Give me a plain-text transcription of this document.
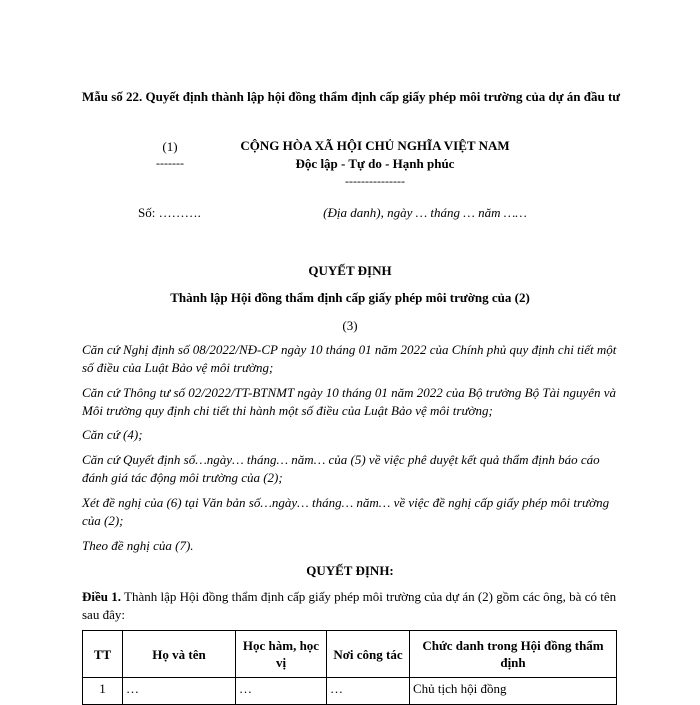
Mẫu số 22. Quyết định thành lập hội đồng thẩm định cấp giấy phép môi trường của dự án đầu tư
(1)
-------
CỘNG HÒA XÃ HỘI CHỦ NGHĨA VIỆT NAM
Độc lập - Tự do - Hạnh phúc
---------------
Số: ……….	(Địa danh), ngày … tháng … năm ……
QUYẾT ĐỊNH
Thành lập Hội đồng thẩm định cấp giấy phép môi trường của (2)
(3)
Căn cứ Nghị định số 08/2022/NĐ-CP ngày 10 tháng 01 năm 2022 của Chính phủ quy định chi tiết một số điều của Luật Bảo vệ môi trường;
Căn cứ Thông tư số 02/2022/TT-BTNMT ngày 10 tháng 01 năm 2022 của Bộ trưởng Bộ Tài nguyên và Môi trường quy định chi tiết thi hành một số điều của Luật Bảo vệ môi trường;
Căn cứ (4);
Căn cứ Quyết định số…ngày… tháng… năm… của (5) về việc phê duyệt kết quả thẩm định báo cáo đánh giá tác động môi trường của (2);
Xét đề nghị của (6) tại Văn bản số…ngày… tháng… năm… về việc đề nghị cấp giấy phép môi trường của (2);
Theo đề nghị của (7).
QUYẾT ĐỊNH:
Điều 1. Thành lập Hội đồng thẩm định cấp giấy phép môi trường của dự án (2) gồm các ông, bà có tên sau đây:
TT	Họ và tên	Học hàm, học vị	Nơi công tác	Chức danh trong Hội đồng thẩm định
1	…	…	…	Chủ tịch hội đồng
